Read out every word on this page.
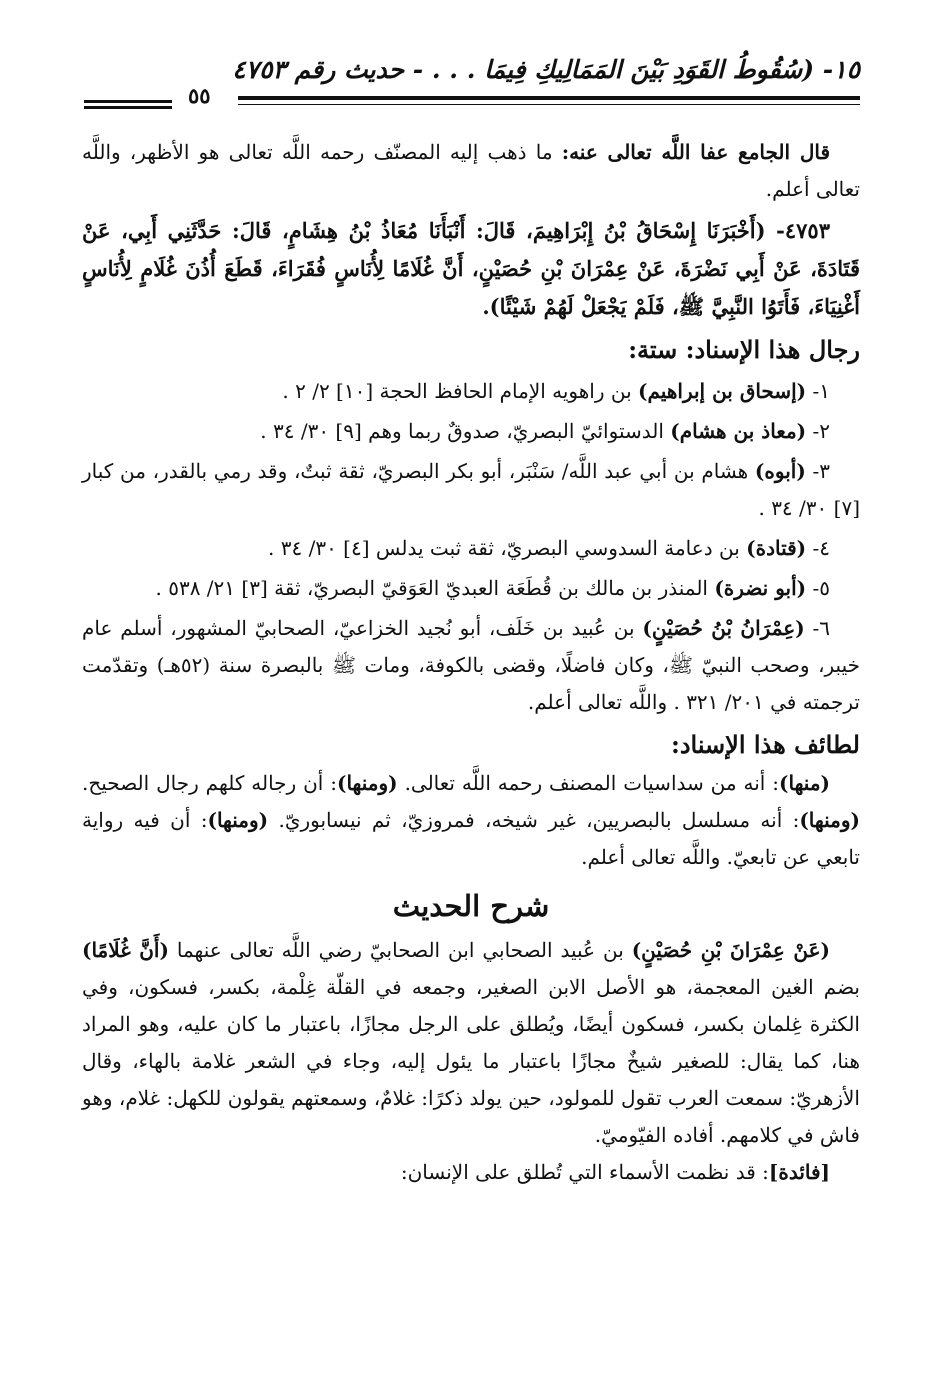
١٥- (سُقُوطُ القَوَدِ بَيْنَ المَمَالِيكِ فِيمَا . . . - حديث رقم ٤٧٥٣
٥٥

قال الجامع عفا اللَّه تعالى عنه: ما ذهب إليه المصنّف رحمه اللَّه تعالى هو الأظهر، واللَّه تعالى أعلم.

٤٧٥٣- (أَخْبَرَنَا إِسْحَاقُ بْنُ إِبْرَاهِيمَ، قَالَ: أَنْبَأَنَا مُعَاذُ بْنُ هِشَامٍ، قَالَ: حَدَّثَنِي أَبِي، عَنْ قَتَادَةَ، عَنْ أَبِي نَضْرَةَ، عَنْ عِمْرَانَ بْنِ حُصَيْنٍ، أَنَّ غُلَامًا لِأُنَاسٍ فُقَرَاءَ، قَطَعَ أُذُنَ غُلَامٍ لِأُنَاسٍ أَغْنِيَاءَ، فَأَتَوُا النَّبِيَّ ﷺ، فَلَمْ يَجْعَلْ لَهُمْ شَيْئًا).

رجال هذا الإسناد: ستة:

١- (إسحاق بن إبراهيم) بن راهويه الإمام الحافظ الحجة [١٠] ٢/ ٢ .

٢- (معاذ بن هشام) الدستوائيّ البصريّ، صدوقٌ ربما وهم [٩] ٣٠/ ٣٤ .

٣- (أبوه) هشام بن أبي عبد اللَّه/ سَنْبَر، أبو بكر البصريّ، ثقة ثبتٌ، وقد رمي بالقدر، من كبار [٧] ٣٠/ ٣٤ .

٤- (قتادة) بن دعامة السدوسي البصريّ، ثقة ثبت يدلس [٤] ٣٠/ ٣٤ .

٥- (أبو نضرة) المنذر بن مالك بن قُطَعَة العبديّ العَوَقيّ البصريّ، ثقة [٣] ٢١/ ٥٣٨ .

٦- (عِمْرَانُ بْنُ حُصَيْنٍ) بن عُبيد بن خَلَف، أبو نُجيد الخزاعيّ، الصحابيّ المشهور، أسلم عام خيبر، وصحب النبيّ ﷺ، وكان فاضلًا، وقضى بالكوفة، ومات ﷺ بالبصرة سنة (٥٢هـ) وتقدّمت ترجمته في ٢٠١/ ٣٢١ . واللَّه تعالى أعلم.

لطائف هذا الإسناد:

(منها): أنه من سداسيات المصنف رحمه اللَّه تعالى. (ومنها): أن رجاله كلهم رجال الصحيح. (ومنها): أنه مسلسل بالبصريين، غير شيخه، فمروزيّ، ثم نيسابوريّ. (ومنها): أن فيه رواية تابعي عن تابعيّ. واللَّه تعالى أعلم.

شرح الحديث

(عَنْ عِمْرَانَ بْنِ حُصَيْنٍ) بن عُبيد الصحابي ابن الصحابيّ رضي اللَّه تعالى عنهما (أَنَّ غُلَامًا) بضم الغين المعجمة، هو الأصل الابن الصغير، وجمعه في القلّة غِلْمة، بكسر، فسكون، وفي الكثرة غِلمان بكسر، فسكون أيضًا، ويُطلق على الرجل مجازًا، باعتبار ما كان عليه، وهو المراد هنا، كما يقال: للصغير شيخٌ مجازًا باعتبار ما يئول إليه، وجاء في الشعر غلامة بالهاء، وقال الأزهريّ: سمعت العرب تقول للمولود، حين يولد ذكرًا: غلامٌ، وسمعتهم يقولون للكهل: غلام، وهو فاش في كلامهم. أفاده الفيّوميّ.

[فائدة]: قد نظمت الأسماء التي تُطلق على الإنسان:
